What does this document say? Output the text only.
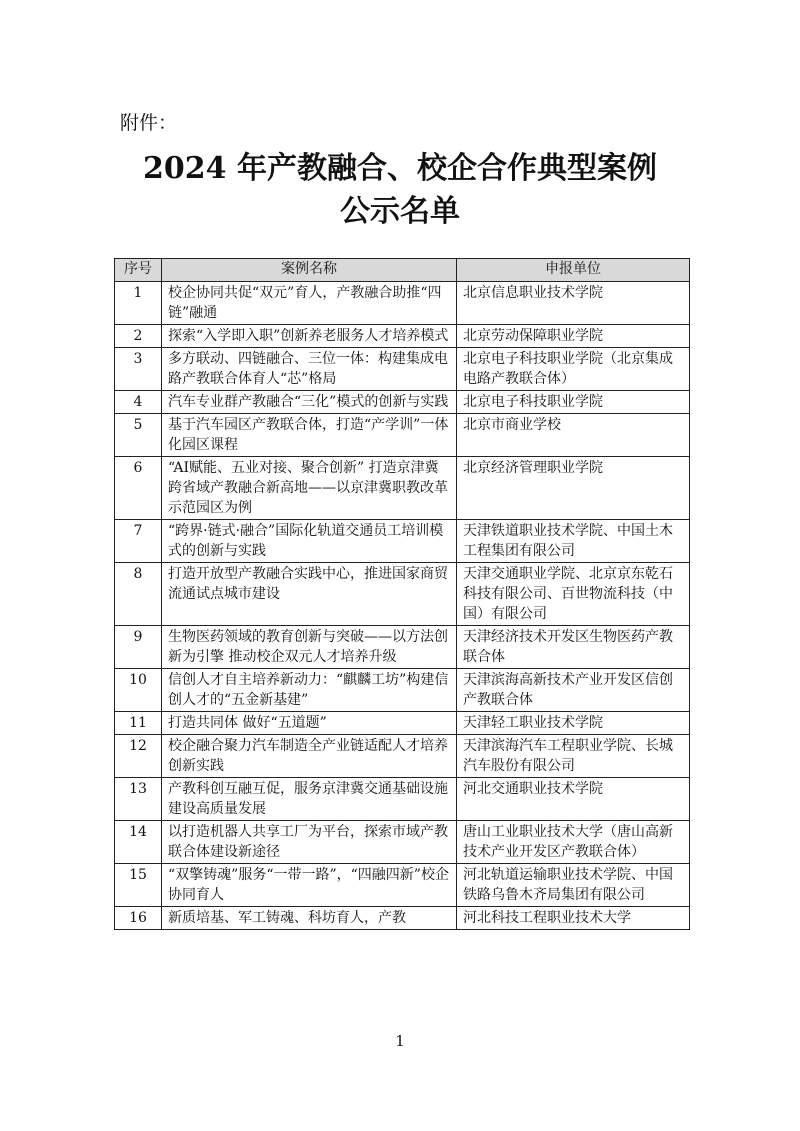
附件：
2024 年产教融合、校企合作典型案例
公示名单
序号	案例名称	申报单位
1	校企协同共促“双元”育人，产教融合助推“四链”融通	北京信息职业技术学院
2	探索“入学即入职”创新养老服务人才培养模式	北京劳动保障职业学院
3	多方联动、四链融合、三位一体：构建集成电路产教联合体育人“芯”格局	北京电子科技职业学院（北京集成电路产教联合体）
4	汽车专业群产教融合“三化”模式的创新与实践	北京电子科技职业学院
5	基于汽车园区产教联合体，打造“产学训”一体化园区课程	北京市商业学校
6	“AI赋能、五业对接、聚合创新” 打造京津冀跨省域产教融合新高地——以京津冀职教改革示范园区为例	北京经济管理职业学院
7	“跨界·链式·融合”国际化轨道交通员工培训模式的创新与实践	天津铁道职业技术学院、中国土木工程集团有限公司
8	打造开放型产教融合实践中心，推进国家商贸流通试点城市建设	天津交通职业学院、北京京东乾石科技有限公司、百世物流科技（中国）有限公司
9	生物医药领域的教育创新与突破——以方法创新为引擎 推动校企双元人才培养升级	天津经济技术开发区生物医药产教联合体
10	信创人才自主培养新动力：“麒麟工坊”构建信创人才的“五金新基建”	天津滨海高新技术产业开发区信创产教联合体
11	打造共同体 做好“五道题”	天津轻工职业技术学院
12	校企融合聚力汽车制造全产业链适配人才培养创新实践	天津滨海汽车工程职业学院、长城汽车股份有限公司
13	产教科创互融互促，服务京津冀交通基础设施建设高质量发展	河北交通职业技术学院
14	以打造机器人共享工厂为平台，探索市域产教联合体建设新途径	唐山工业职业技术大学（唐山高新技术产业开发区产教联合体）
15	“双擎铸魂”服务“一带一路”，“四融四新”校企协同育人	河北轨道运输职业技术学院、中国铁路乌鲁木齐局集团有限公司
16	新质培基、军工铸魂、科坊育人，产教	河北科技工程职业技术大学
1
